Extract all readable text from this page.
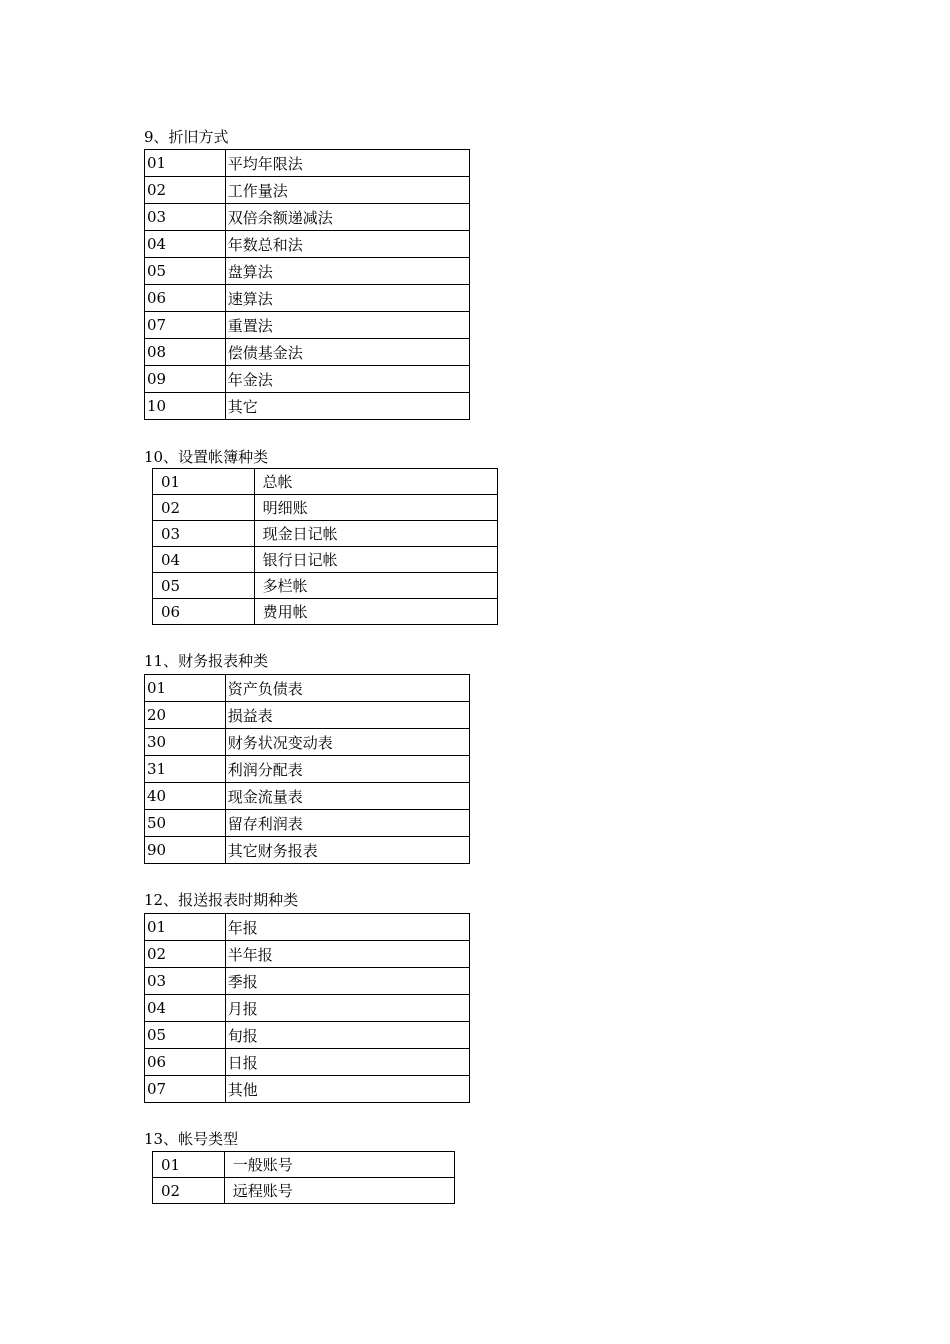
9、折旧方式

01	平均年限法
02	工作量法
03	双倍余额递减法
04	年数总和法
05	盘算法
06	速算法
07	重置法
08	偿债基金法
09	年金法
10	其它

10、设置帐簿种类

01	总帐
02	明细账
03	现金日记帐
04	银行日记帐
05	多栏帐
06	费用帐

11、财务报表种类

01	资产负债表
20	损益表
30	财务状况变动表
31	利润分配表
40	现金流量表
50	留存利润表
90	其它财务报表

12、报送报表时期种类

01	年报
02	半年报
03	季报
04	月报
05	旬报
06	日报
07	其他

13、帐号类型

01	一般账号
02	远程账号
